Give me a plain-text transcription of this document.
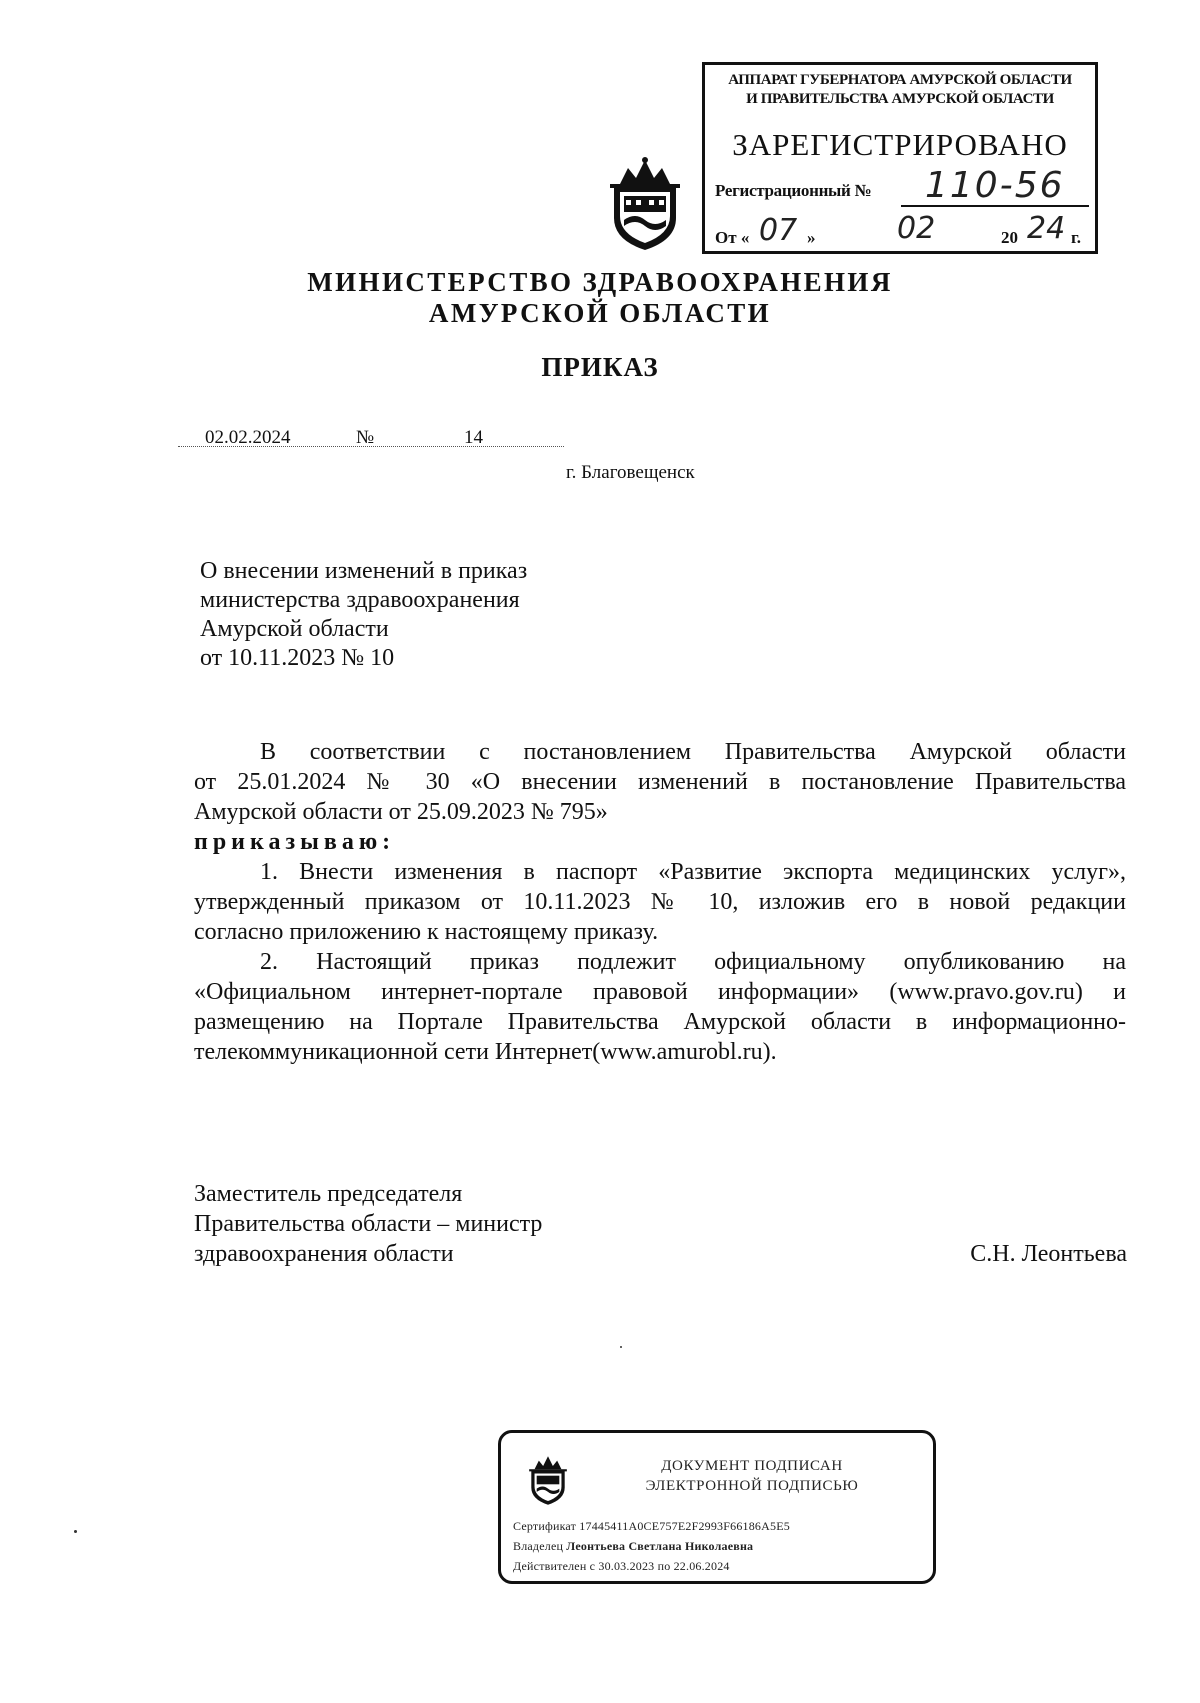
АППАРАТ ГУБЕРНАТОРА АМУРСКОЙ ОБЛАСТИ
И ПРАВИТЕЛЬСТВА АМУРСКОЙ ОБЛАСТИ
ЗАРЕГИСТРИРОВАНО
Регистрационный № 110-56
От « 07 »	02	20 24 г.
МИНИСТЕРСТВО ЗДРАВООХРАНЕНИЯ
АМУРСКОЙ ОБЛАСТИ
ПРИКАЗ
02.02.2024	№	14
г. Благовещенск
О внесении изменений в приказ
министерства здравоохранения
Амурской области
от 10.11.2023 № 10
В соответствии с постановлением Правительства Амурской области
от 25.01.2024 № 30 «О внесении изменений в постановление Правительства
Амурской области от 25.09.2023 № 795»
приказываю:
1. Внести изменения в паспорт «Развитие экспорта медицинских услуг»,
утвержденный приказом от 10.11.2023 № 10, изложив его в новой редакции
согласно приложению к настоящему приказу.
2. Настоящий приказ подлежит официальному опубликованию на
«Официальном интернет-портале правовой информации» (www.pravo.gov.ru) и
размещению на Портале Правительства Амурской области в информационно-
телекоммуникационной сети Интернет(www.amurobl.ru).
Заместитель председателя
Правительства области – министр
здравоохранения области	С.Н. Леонтьева
ДОКУМЕНТ ПОДПИСАН
ЭЛЕКТРОННОЙ ПОДПИСЬЮ
Сертификат 17445411A0CE757E2F2993F66186A5E5
Владелец Леонтьева Светлана Николаевна
Действителен с 30.03.2023 по 22.06.2024
